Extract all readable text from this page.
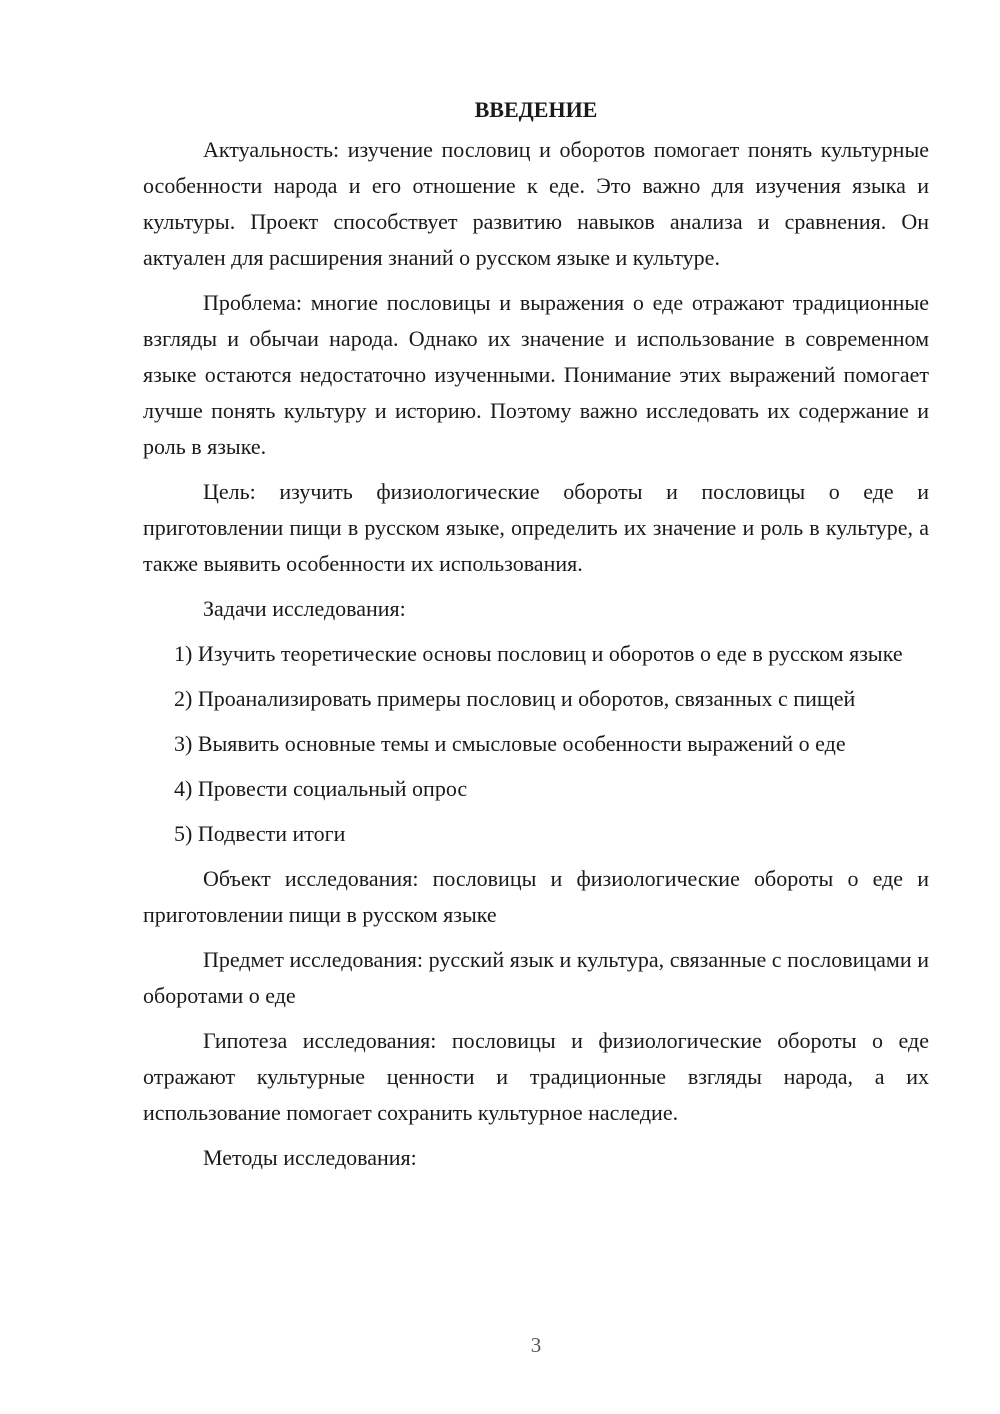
ВВЕДЕНИЕ

Актуальность: изучение пословиц и оборотов помогает понять культурные особенности народа и его отношение к еде. Это важно для изучения языка и культуры. Проект способствует развитию навыков анализа и сравнения. Он актуален для расширения знаний о русском языке и культуре.

Проблема: многие пословицы и выражения о еде отражают традиционные взгляды и обычаи народа. Однако их значение и использование в современном языке остаются недостаточно изученными. Понимание этих выражений помогает лучше понять культуру и историю. Поэтому важно исследовать их содержание и роль в языке.

Цель: изучить физиологические обороты и пословицы о еде и приготовлении пищи в русском языке, определить их значение и роль в культуре, а также выявить особенности их использования.

Задачи исследования:

1) Изучить теоретические основы пословиц и оборотов о еде в русском языке

2) Проанализировать примеры пословиц и оборотов, связанных с пищей

3) Выявить основные темы и смысловые особенности выражений о еде

4) Провести социальный опрос

5) Подвести итоги

Объект исследования: пословицы и физиологические обороты о еде и приготовлении пищи в русском языке

Предмет исследования: русский язык и культура, связанные с пословицами и оборотами о еде

Гипотеза исследования: пословицы и физиологические обороты о еде отражают культурные ценности и традиционные взгляды народа, а их использование помогает сохранить культурное наследие.

Методы исследования:

3
